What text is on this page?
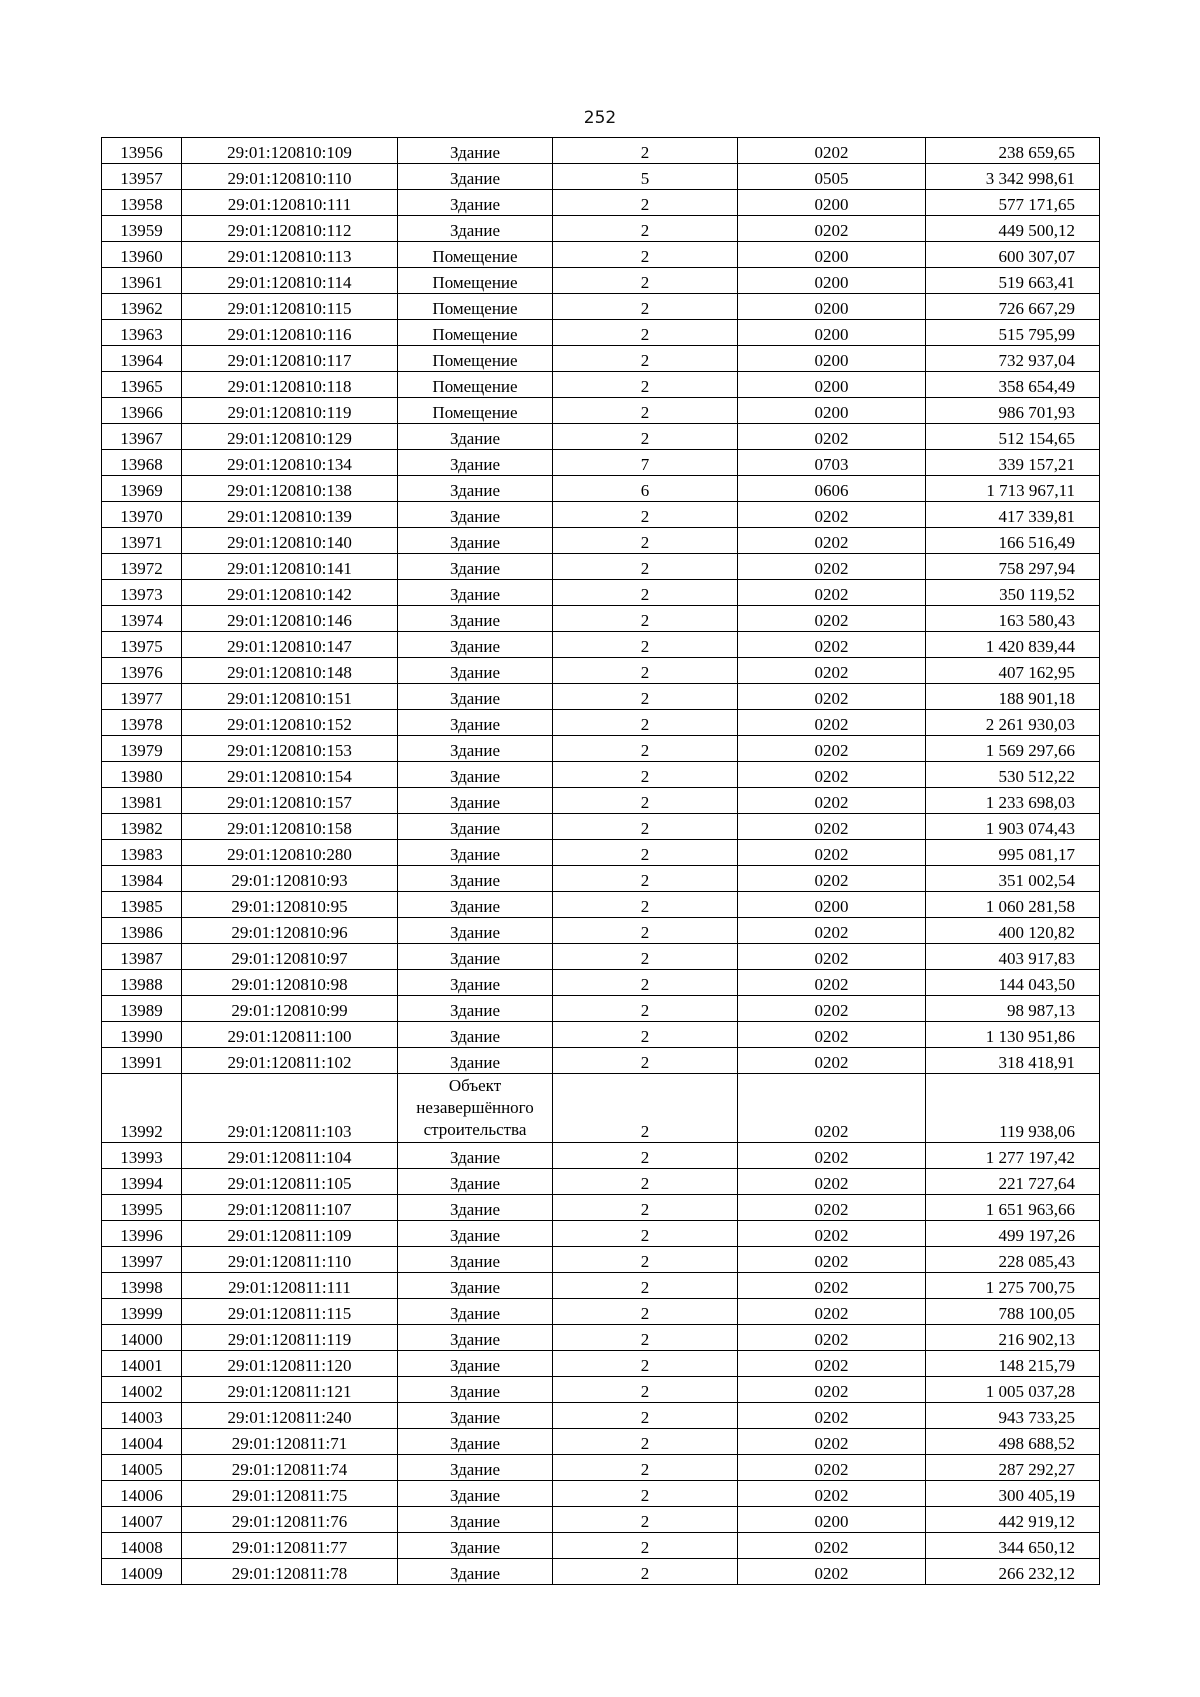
252
13956	29:01:120810:109	Здание	2	0202	238 659,65
13957	29:01:120810:110	Здание	5	0505	3 342 998,61
13958	29:01:120810:111	Здание	2	0200	577 171,65
13959	29:01:120810:112	Здание	2	0202	449 500,12
13960	29:01:120810:113	Помещение	2	0200	600 307,07
13961	29:01:120810:114	Помещение	2	0200	519 663,41
13962	29:01:120810:115	Помещение	2	0200	726 667,29
13963	29:01:120810:116	Помещение	2	0200	515 795,99
13964	29:01:120810:117	Помещение	2	0200	732 937,04
13965	29:01:120810:118	Помещение	2	0200	358 654,49
13966	29:01:120810:119	Помещение	2	0200	986 701,93
13967	29:01:120810:129	Здание	2	0202	512 154,65
13968	29:01:120810:134	Здание	7	0703	339 157,21
13969	29:01:120810:138	Здание	6	0606	1 713 967,11
13970	29:01:120810:139	Здание	2	0202	417 339,81
13971	29:01:120810:140	Здание	2	0202	166 516,49
13972	29:01:120810:141	Здание	2	0202	758 297,94
13973	29:01:120810:142	Здание	2	0202	350 119,52
13974	29:01:120810:146	Здание	2	0202	163 580,43
13975	29:01:120810:147	Здание	2	0202	1 420 839,44
13976	29:01:120810:148	Здание	2	0202	407 162,95
13977	29:01:120810:151	Здание	2	0202	188 901,18
13978	29:01:120810:152	Здание	2	0202	2 261 930,03
13979	29:01:120810:153	Здание	2	0202	1 569 297,66
13980	29:01:120810:154	Здание	2	0202	530 512,22
13981	29:01:120810:157	Здание	2	0202	1 233 698,03
13982	29:01:120810:158	Здание	2	0202	1 903 074,43
13983	29:01:120810:280	Здание	2	0202	995 081,17
13984	29:01:120810:93	Здание	2	0202	351 002,54
13985	29:01:120810:95	Здание	2	0200	1 060 281,58
13986	29:01:120810:96	Здание	2	0202	400 120,82
13987	29:01:120810:97	Здание	2	0202	403 917,83
13988	29:01:120810:98	Здание	2	0202	144 043,50
13989	29:01:120810:99	Здание	2	0202	98 987,13
13990	29:01:120811:100	Здание	2	0202	1 130 951,86
13991	29:01:120811:102	Здание	2	0202	318 418,91
13992	29:01:120811:103	Объект незавершённого строительства	2	0202	119 938,06
13993	29:01:120811:104	Здание	2	0202	1 277 197,42
13994	29:01:120811:105	Здание	2	0202	221 727,64
13995	29:01:120811:107	Здание	2	0202	1 651 963,66
13996	29:01:120811:109	Здание	2	0202	499 197,26
13997	29:01:120811:110	Здание	2	0202	228 085,43
13998	29:01:120811:111	Здание	2	0202	1 275 700,75
13999	29:01:120811:115	Здание	2	0202	788 100,05
14000	29:01:120811:119	Здание	2	0202	216 902,13
14001	29:01:120811:120	Здание	2	0202	148 215,79
14002	29:01:120811:121	Здание	2	0202	1 005 037,28
14003	29:01:120811:240	Здание	2	0202	943 733,25
14004	29:01:120811:71	Здание	2	0202	498 688,52
14005	29:01:120811:74	Здание	2	0202	287 292,27
14006	29:01:120811:75	Здание	2	0202	300 405,19
14007	29:01:120811:76	Здание	2	0200	442 919,12
14008	29:01:120811:77	Здание	2	0202	344 650,12
14009	29:01:120811:78	Здание	2	0202	266 232,12
